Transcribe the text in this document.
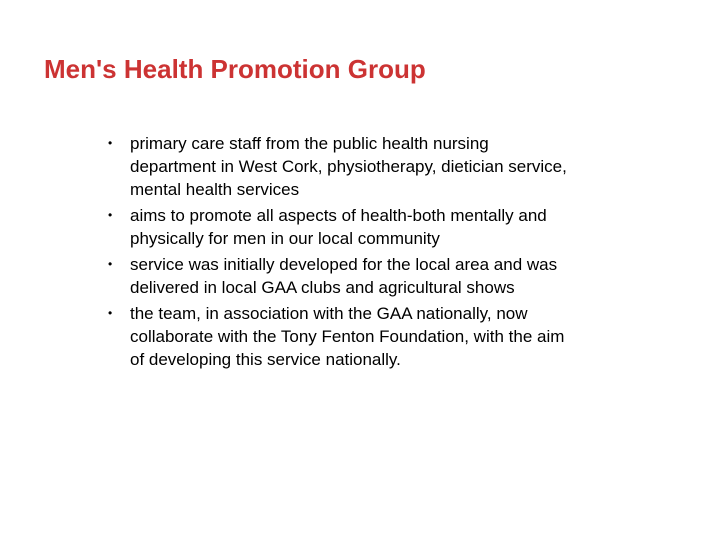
Men's Health Promotion Group
•	primary care staff from the public health nursing
department in West Cork, physiotherapy, dietician service,
mental health services
•	aims to promote all aspects of health-both mentally and
physically for men in our local community
•	service was initially developed for the local area and was
delivered in local GAA clubs and agricultural shows
•	the team, in association with the GAA nationally, now
collaborate with the Tony Fenton Foundation, with the aim
of developing this service nationally.
